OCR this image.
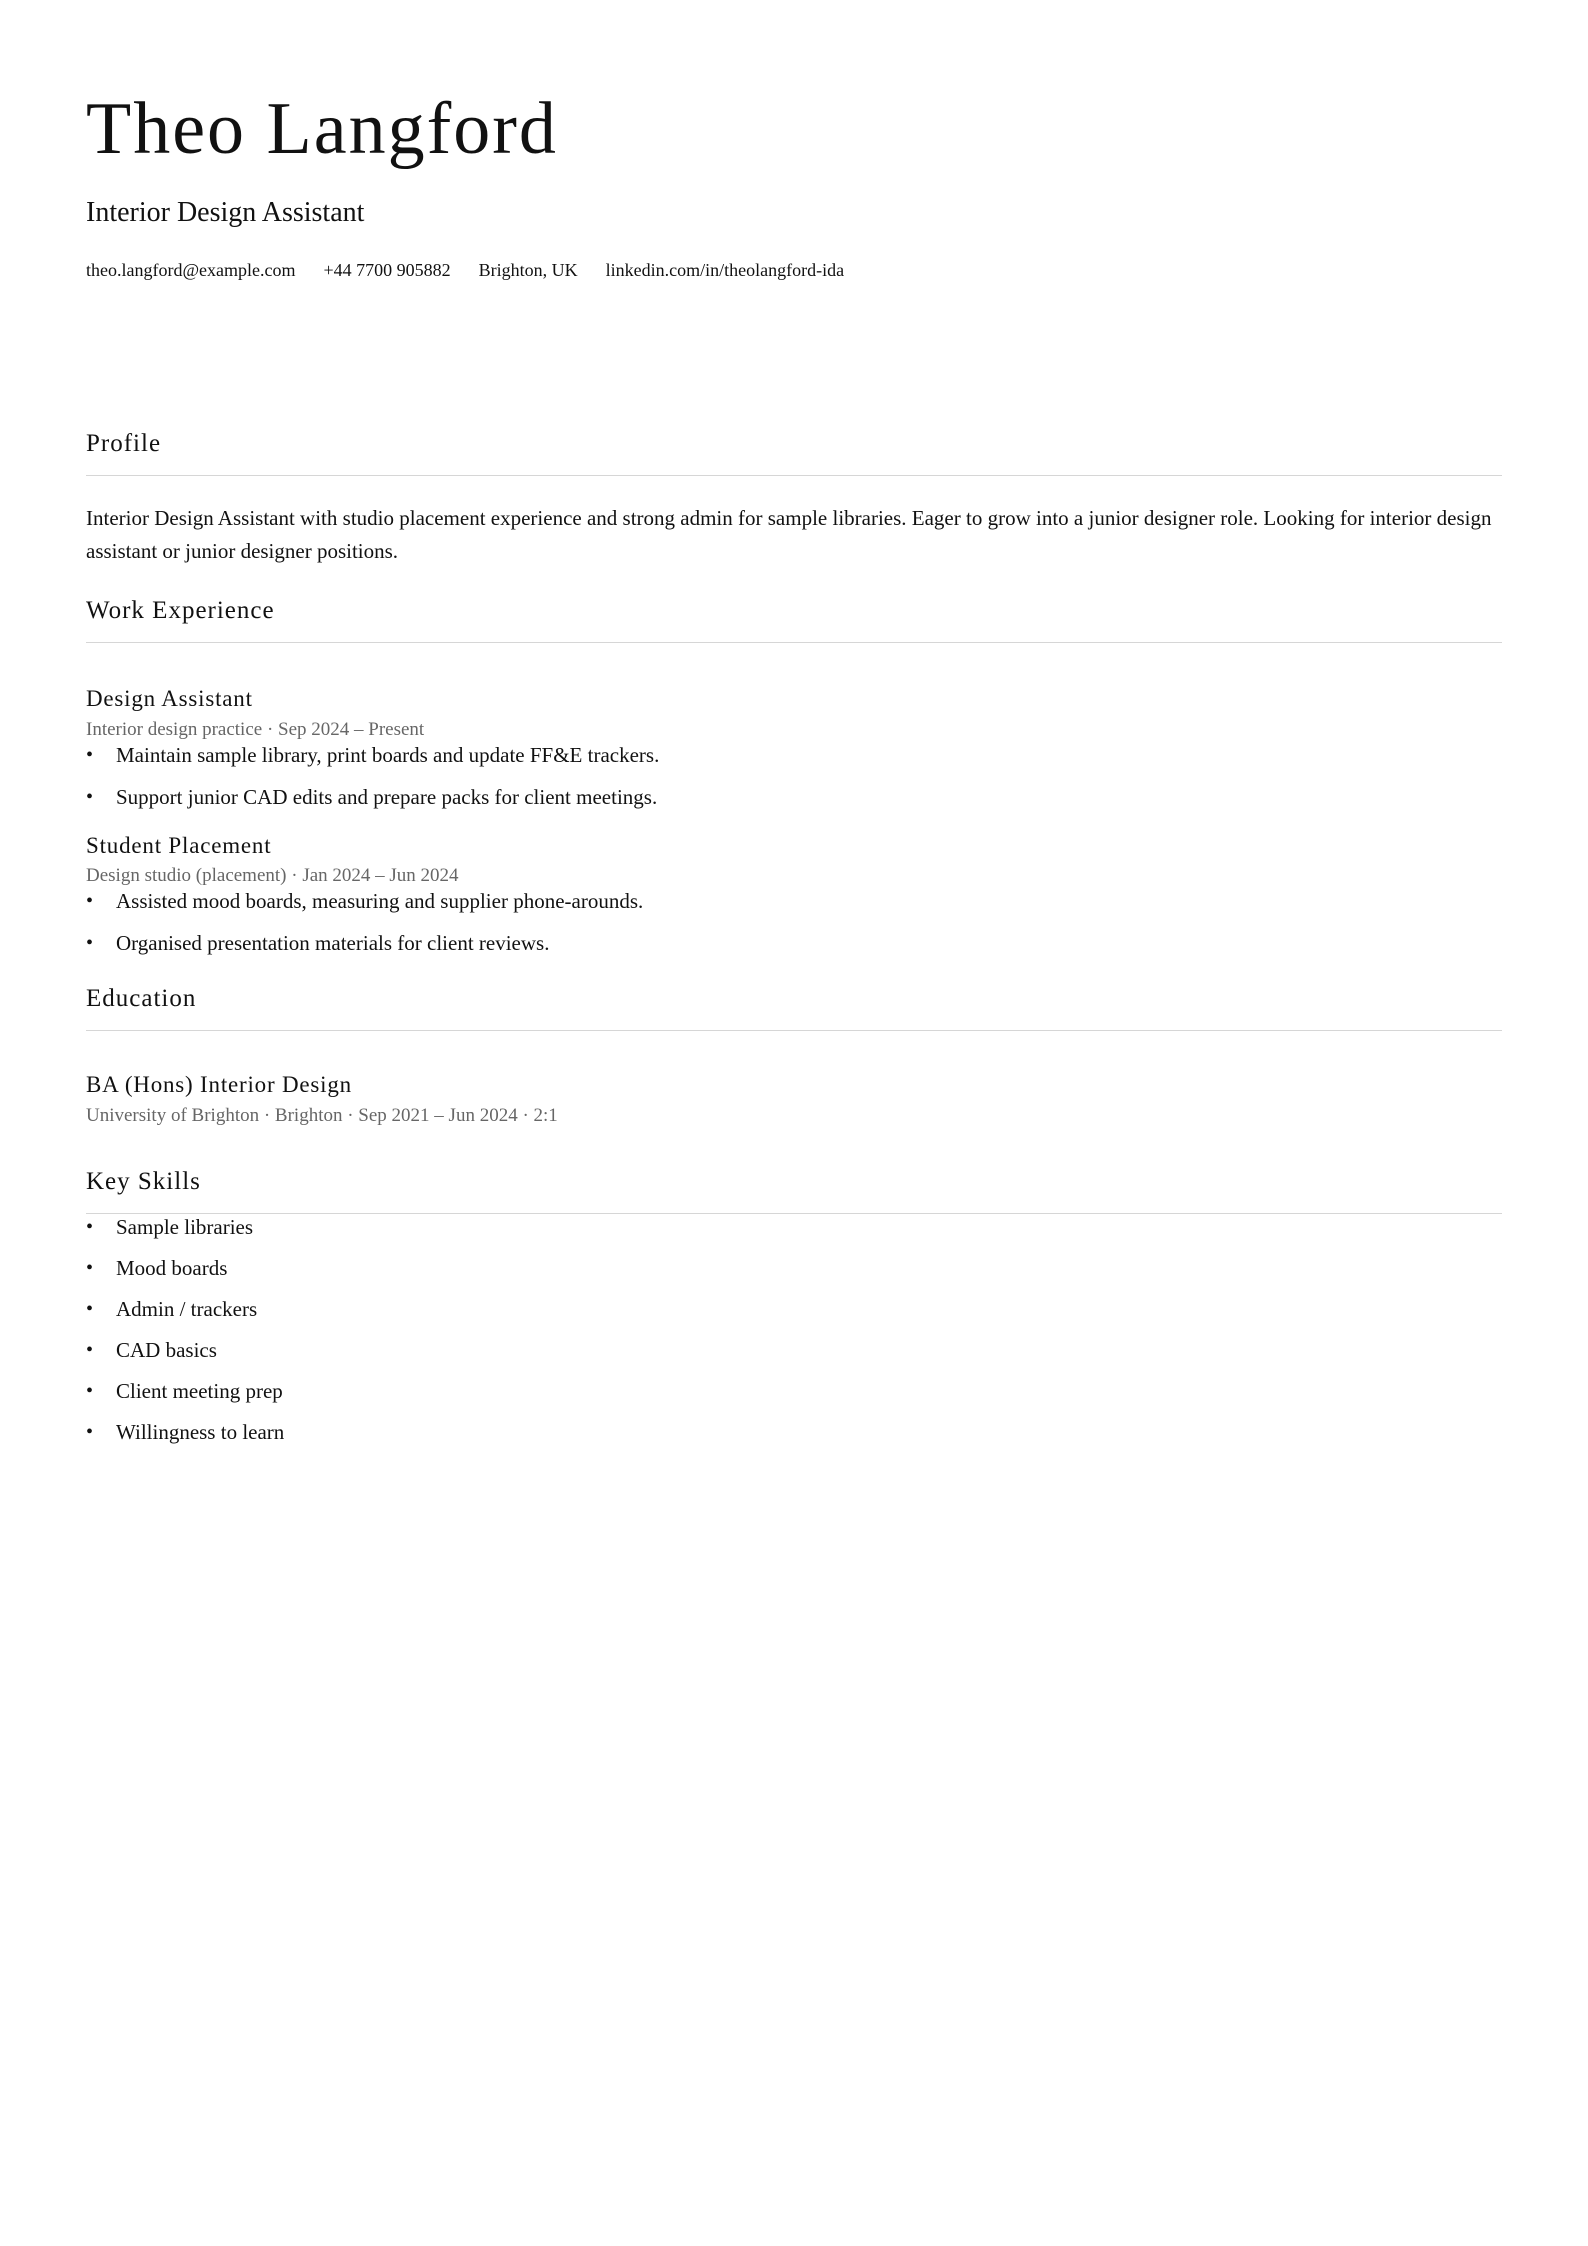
Theo Langford
Interior Design Assistant
theo.langford@example.com +44 7700 905882 Brighton, UK linkedin.com/in/theolangford-ida
Profile
Interior Design Assistant with studio placement experience and strong admin for sample libraries. Eager to grow into a junior designer role. Looking for interior design assistant or junior designer positions.
Work Experience
Design Assistant
Interior design practice · Sep 2024 – Present
• Maintain sample library, print boards and update FF&E trackers.
• Support junior CAD edits and prepare packs for client meetings.
Student Placement
Design studio (placement) · Jan 2024 – Jun 2024
• Assisted mood boards, measuring and supplier phone-arounds.
• Organised presentation materials for client reviews.
Education
BA (Hons) Interior Design
University of Brighton · Brighton · Sep 2021 – Jun 2024 · 2:1
Key Skills
• Sample libraries
• Mood boards
• Admin / trackers
• CAD basics
• Client meeting prep
• Willingness to learn
